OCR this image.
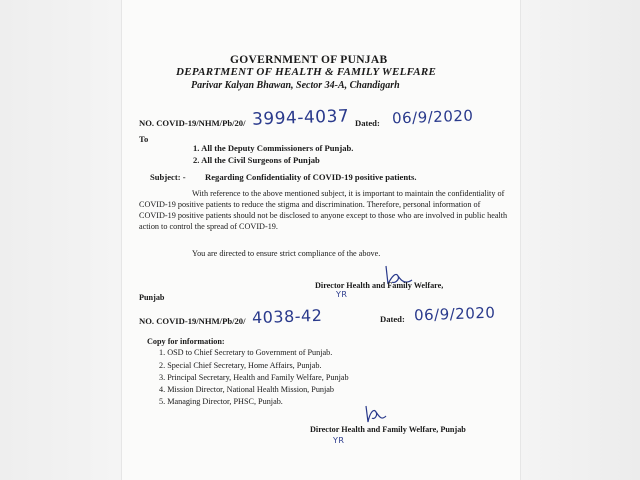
GOVERNMENT OF PUNJAB
DEPARTMENT OF HEALTH & FAMILY WELFARE
Parivar Kalyan Bhawan, Sector 34-A, Chandigarh
NO. COVID-19/NHM/Pb/20/ 3994-4037 Dated: 06/9/2020
To
1. All the Deputy Commissioners of Punjab.
2. All the Civil Surgeons of Punjab
Subject: - Regarding Confidentiality of COVID-19 positive patients.
With reference to the above mentioned subject, it is important to maintain the confidentiality of COVID-19 positive patients to reduce the stigma and discrimination. Therefore, personal information of COVID-19 positive patients should not be disclosed to anyone except to those who are involved in public health action to control the spread of COVID-19.
You are directed to ensure strict compliance of the above.
Director Health and Family Welfare,
Punjab	YR
NO. COVID-19/NHM/Pb/20/ 4038-42	Dated: 06/9/2020
Copy for information:
1. OSD to Chief Secretary to Government of Punjab.
2. Special Chief Secretary, Home Affairs, Punjab.
3. Principal Secretary, Health and Family Welfare, Punjab
4. Mission Director, National Health Mission, Punjab
5. Managing Director, PHSC, Punjab.
Director Health and Family Welfare, Punjab
YR
